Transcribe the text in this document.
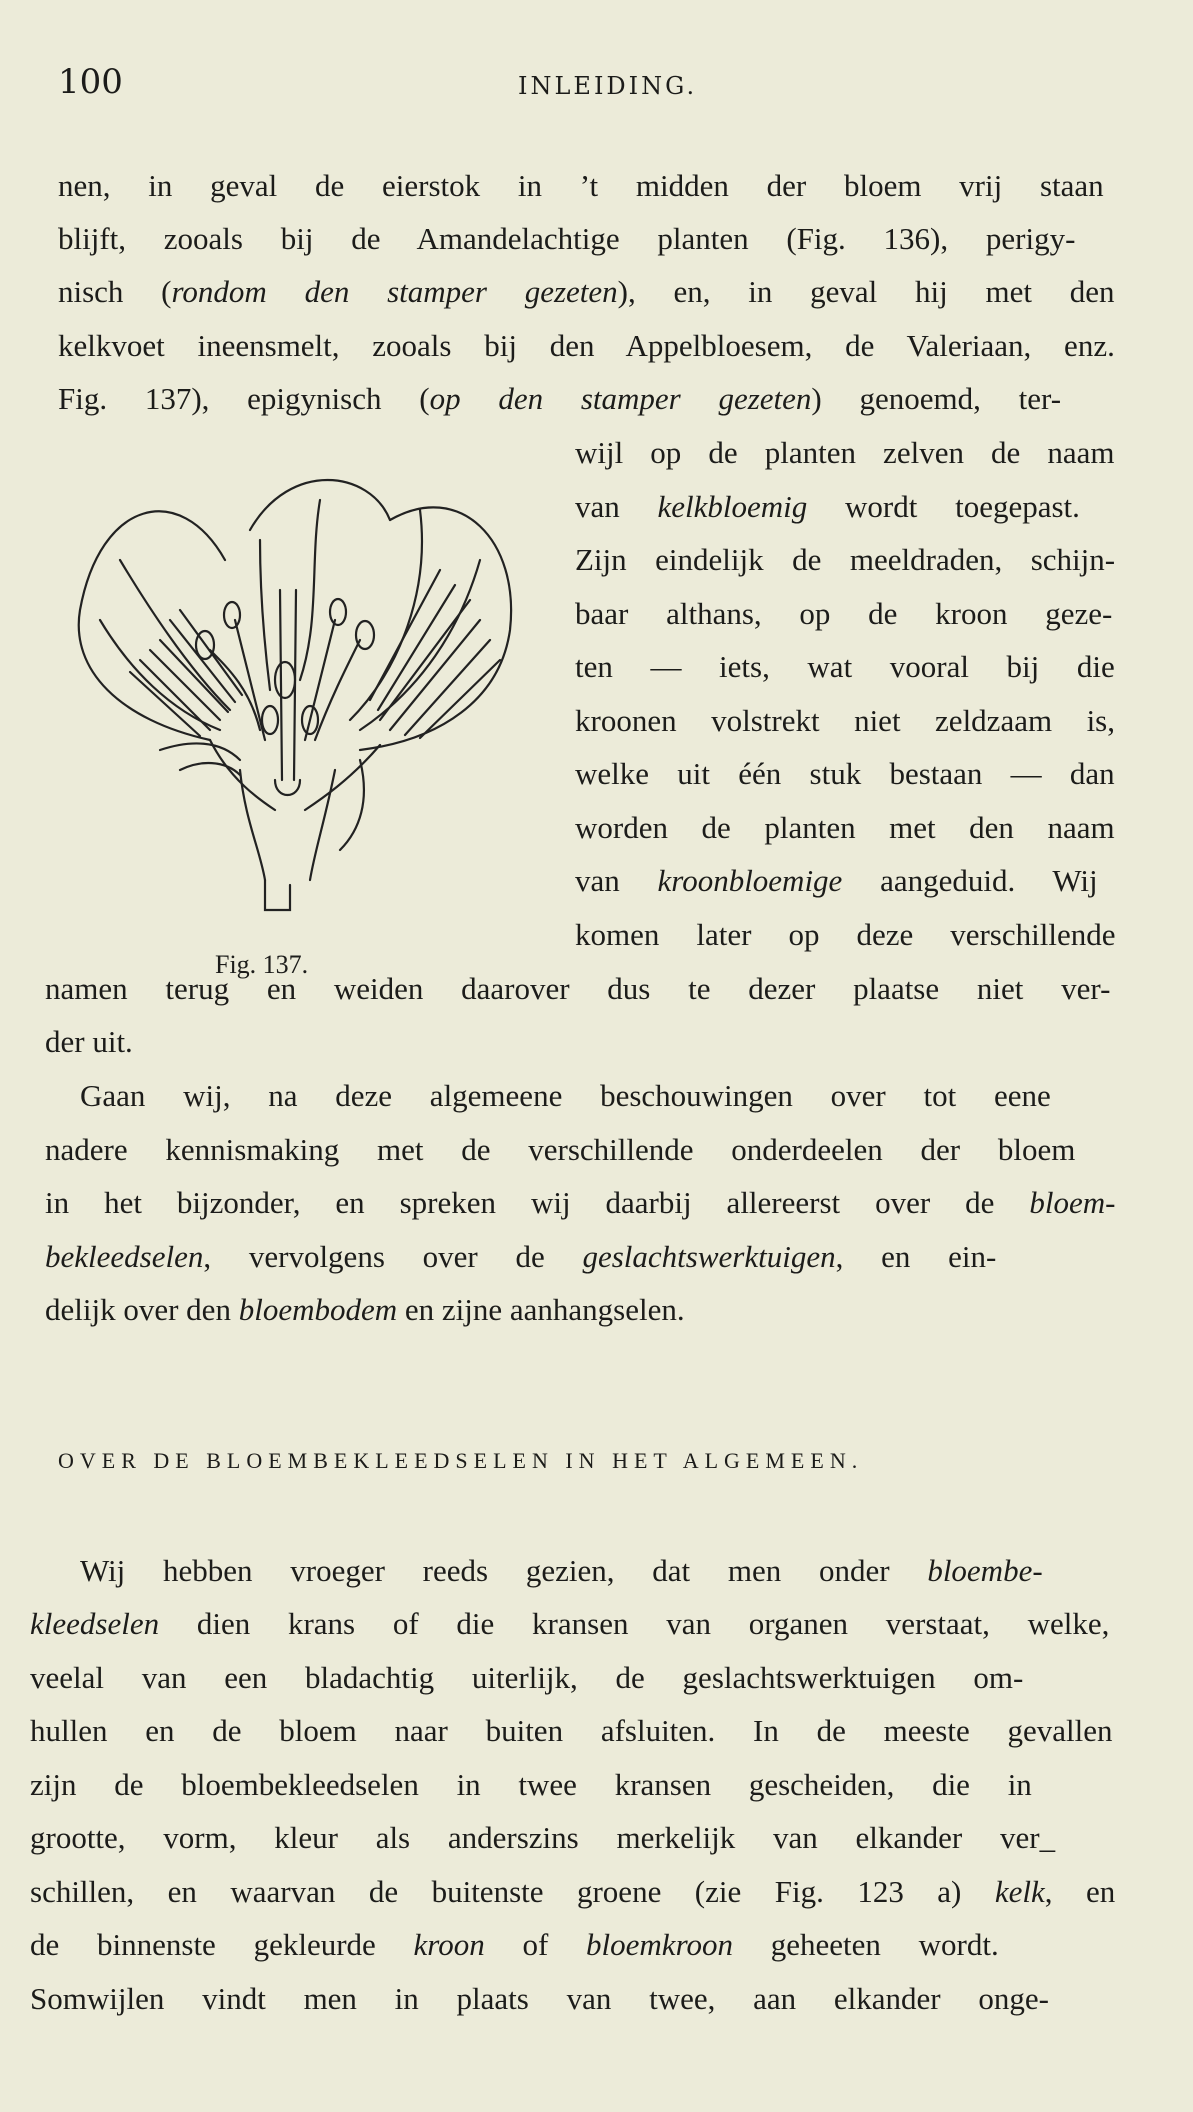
100	INLEIDING.
nen, in geval de eierstok in ’t midden der bloem vrij staan
blijft, zooals bij de Amandelachtige planten (Fig. 136), perigy-
nisch (rondom den stamper gezeten), en, in geval hij met den
kelkvoet ineensmelt, zooals bij den Appelbloesem, de Valeriaan, enz.
Fig. 137), epigynisch (op den stamper gezeten) genoemd, ter-
wijl op de planten zelven de naam
van kelkbloemig wordt toegepast.
Zijn eindelijk de meeldraden, schijn-
baar althans, op de kroon geze-
ten — iets, wat vooral bij die
kroonen volstrekt niet zeldzaam is,
welke uit één stuk bestaan — dan
worden de planten met den naam
van kroonbloemige aangeduid. Wij
komen later op deze verschillende
namen terug en weiden daarover dus te dezer plaatse niet ver-
der uit.
Gaan wij, na deze algemeene beschouwingen over tot eene
nadere kennismaking met de verschillende onderdeelen der bloem
in het bijzonder, en spreken wij daarbij allereerst over de bloem-
bekleedselen, vervolgens over de geslachtswerktuigen, en ein-
delijk over den bloembodem en zijne aanhangselen.
Wij hebben vroeger reeds gezien, dat men onder bloembe-
kleedselen dien krans of die kransen van organen verstaat, welke,
veelal van een bladachtig uiterlijk, de geslachtswerktuigen om-
hullen en de bloem naar buiten afsluiten. In de meeste gevallen
zijn de bloembekleedselen in twee kransen gescheiden, die in
grootte, vorm, kleur als anderszins merkelijk van elkander ver_
schillen, en waarvan de buitenste groene (zie Fig. 123 a) kelk, en
de binnenste gekleurde kroon of bloemkroon geheeten wordt.
Somwijlen vindt men in plaats van twee, aan elkander onge-
Fig. 137.
OVER DE BLOEMBEKLEEDSELEN IN HET ALGEMEEN.
